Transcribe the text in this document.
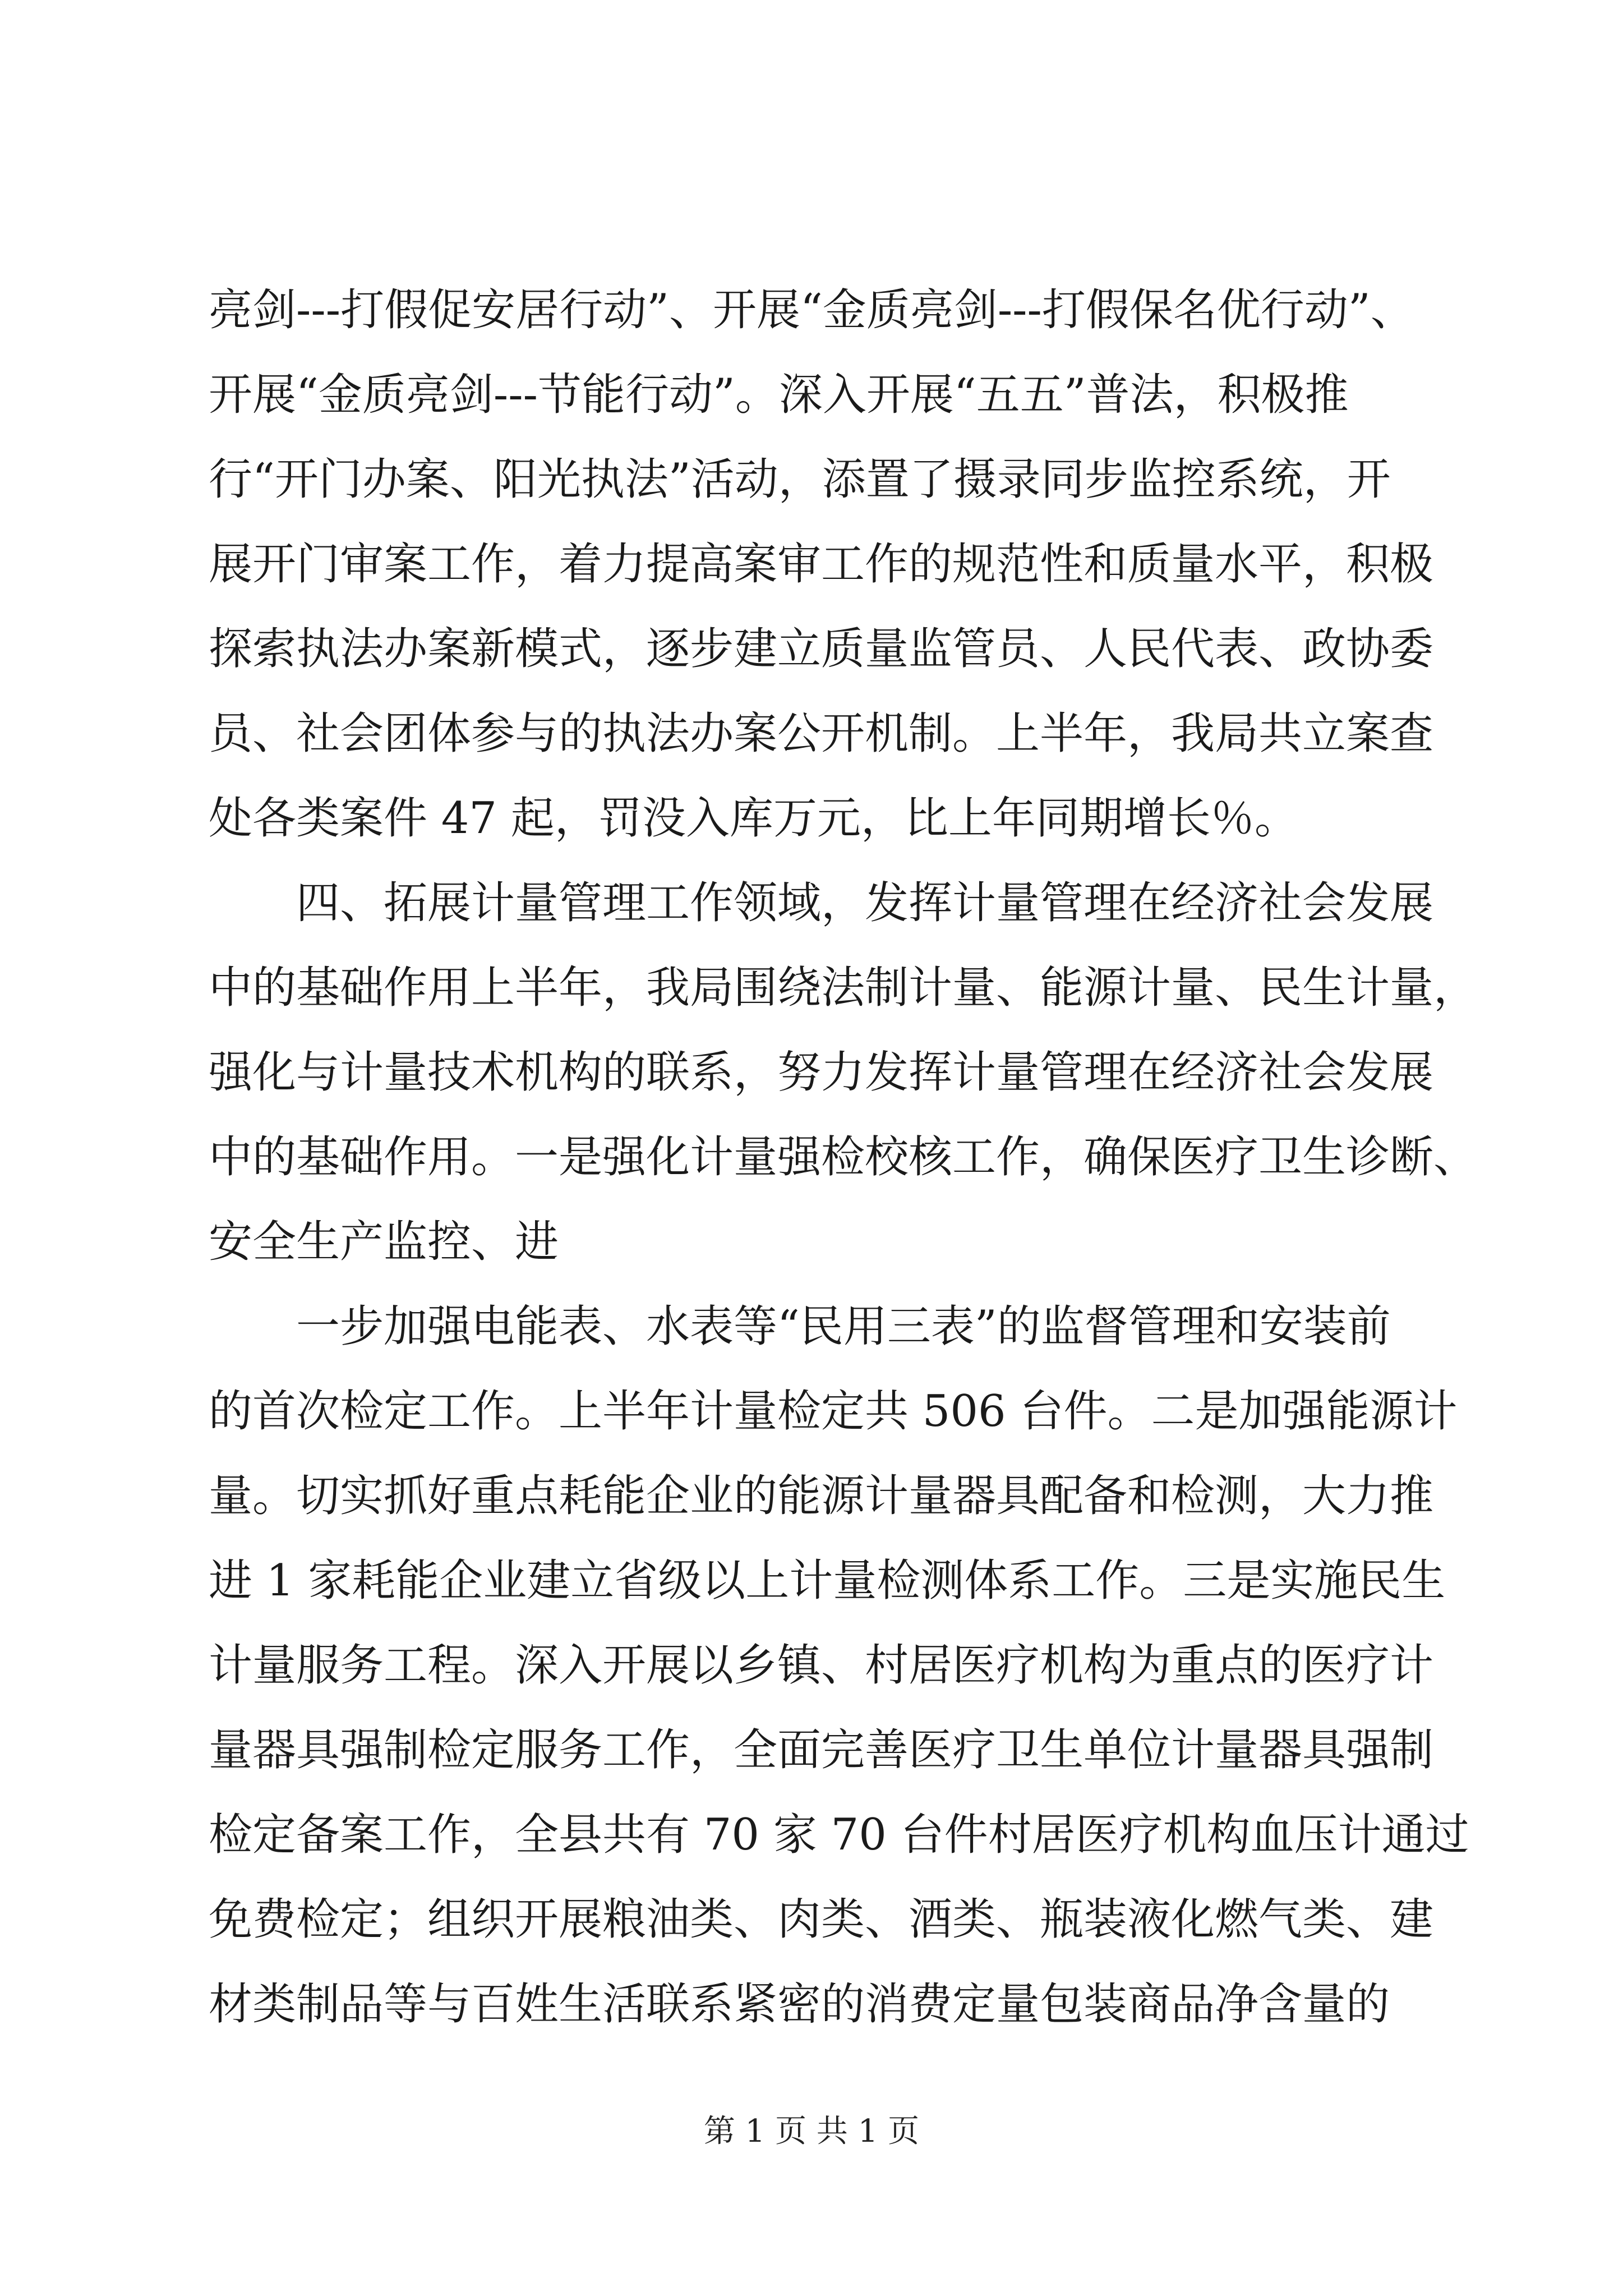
亮剑---打假促安居行动”、开展“金质亮剑---打假保名优行动”、
开展“金质亮剑---节能行动”。深入开展“五五”普法，积极推
行“开门办案、阳光执法”活动，添置了摄录同步监控系统，开
展开门审案工作，着力提高案审工作的规范性和质量水平，积极
探索执法办案新模式，逐步建立质量监管员、人民代表、政协委
员、社会团体参与的执法办案公开机制。上半年，我局共立案查
处各类案件 47 起，罚没入库万元，比上年同期增长％。
四、拓展计量管理工作领域，发挥计量管理在经济社会发展
中的基础作用上半年，我局围绕法制计量、能源计量、民生计量，
强化与计量技术机构的联系，努力发挥计量管理在经济社会发展
中的基础作用。一是强化计量强检校核工作，确保医疗卫生诊断、
安全生产监控、进
一步加强电能表、水表等“民用三表”的监督管理和安装前
的首次检定工作。上半年计量检定共 506 台件。二是加强能源计
量。切实抓好重点耗能企业的能源计量器具配备和检测，大力推
进 1 家耗能企业建立省级以上计量检测体系工作。三是实施民生
计量服务工程。深入开展以乡镇、村居医疗机构为重点的医疗计
量器具强制检定服务工作，全面完善医疗卫生单位计量器具强制
检定备案工作，全县共有 70 家 70 台件村居医疗机构血压计通过
免费检定；组织开展粮油类、肉类、酒类、瓶装液化燃气类、建
材类制品等与百姓生活联系紧密的消费定量包装商品净含量的
第 1 页 共 1 页
